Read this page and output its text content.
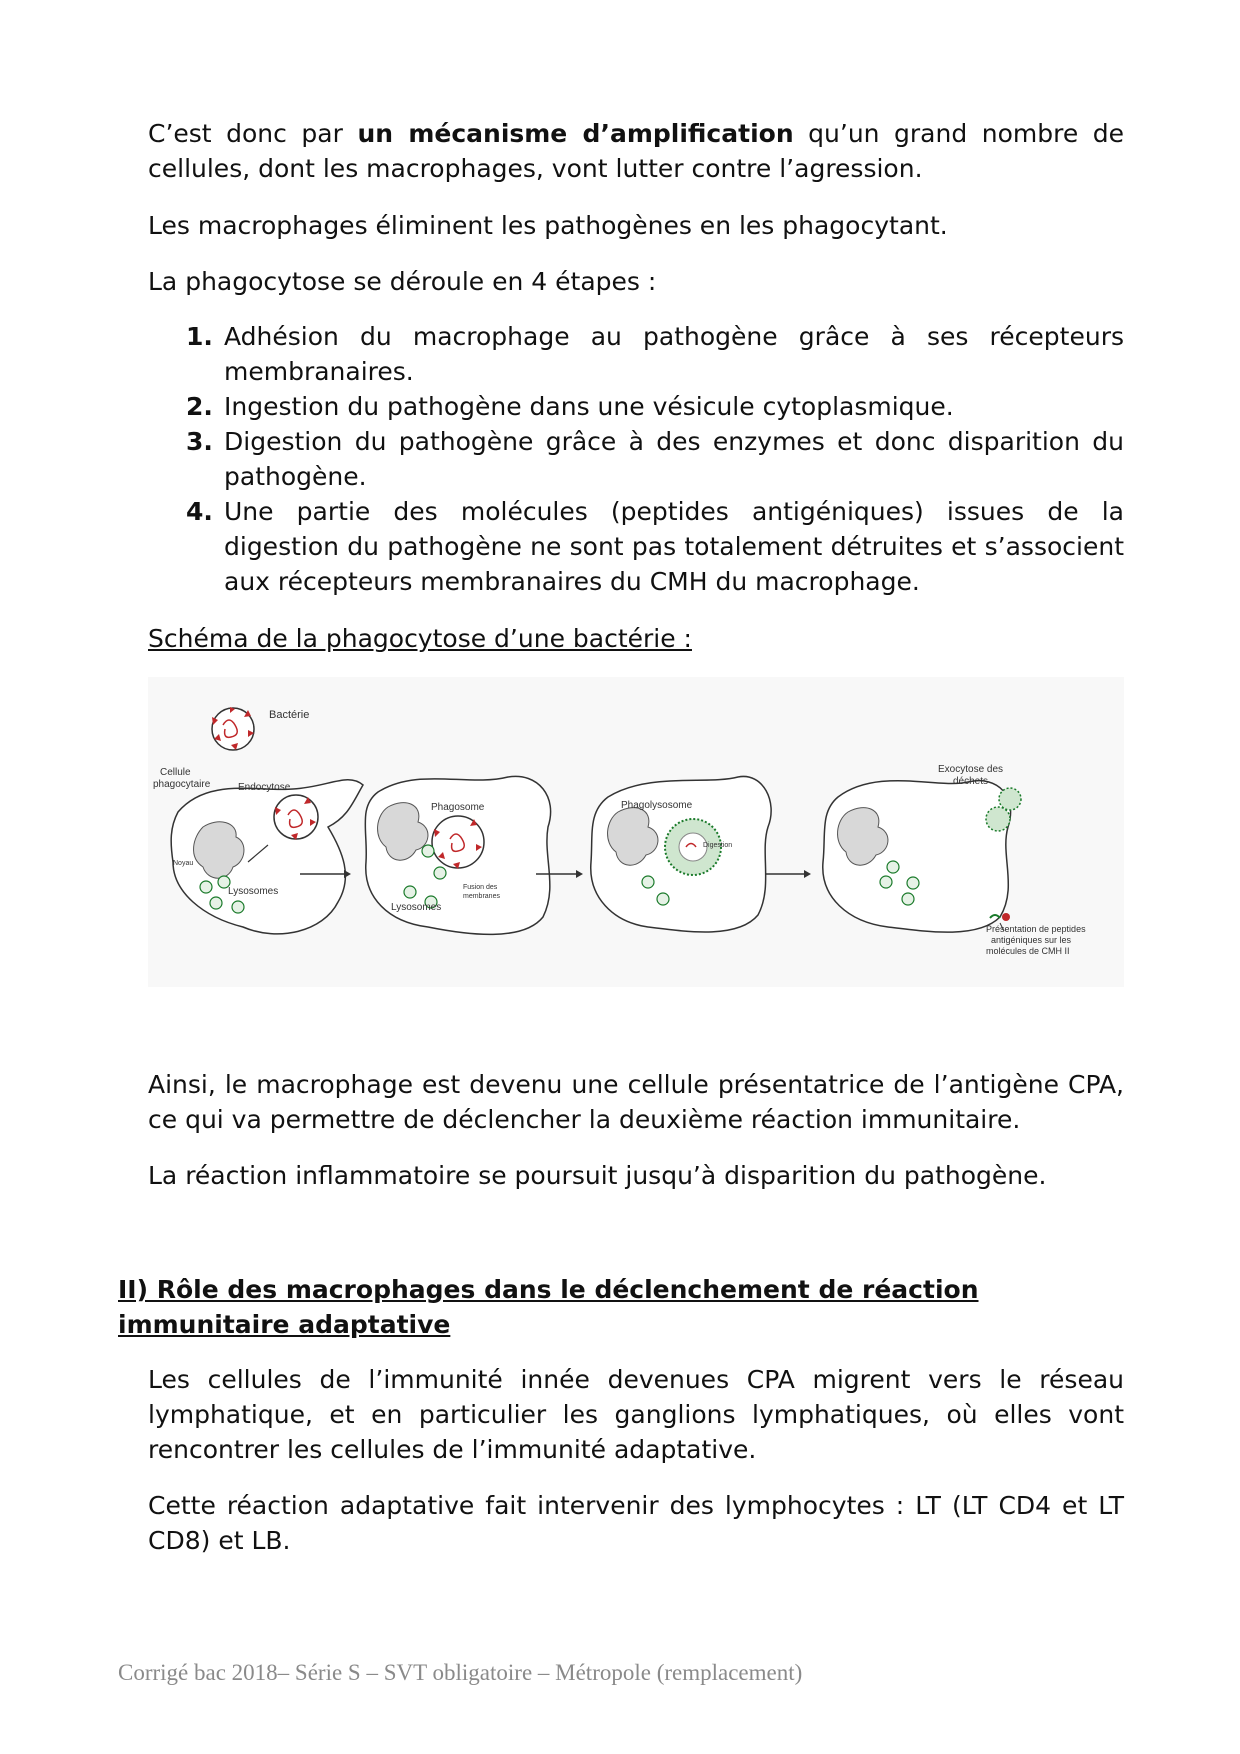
C’est donc par un mécanisme d’amplification qu’un grand nombre de cellules, dont les macrophages, vont lutter contre l’agression.

Les macrophages éliminent les pathogènes en les phagocytant.

La phagocytose se déroule en 4 étapes :

1. Adhésion du macrophage au pathogène grâce à ses récepteurs membranaires.
2. Ingestion du pathogène dans une vésicule cytoplasmique.
3. Digestion du pathogène grâce à des enzymes et donc disparition du pathogène.
4. Une partie des molécules (peptides antigéniques) issues de la digestion du pathogène ne sont pas totalement détruites et s’associent aux récepteurs membranaires du CMH du macrophage.

Schéma de la phagocytose d’une bactérie :

Bactérie
Cellule phagocytaire	Endocytose
Noyau
Lysosomes
Phagosome
Fusion des membranes
Lysosomes
Phagolysosome
Digestion
Exocytose des déchets
Présentation de peptides antigéniques sur les molécules de CMH II

Ainsi, le macrophage est devenu une cellule présentatrice de l’antigène CPA, ce qui va permettre de déclencher la deuxième réaction immunitaire.

La réaction inflammatoire se poursuit jusqu’à disparition du pathogène.

II) Rôle des macrophages dans le déclenchement de réaction immunitaire adaptative

Les cellules de l’immunité innée devenues CPA migrent vers le réseau lymphatique, et en particulier les ganglions lymphatiques, où elles vont rencontrer les cellules de l’immunité adaptative.

Cette réaction adaptative fait intervenir des lymphocytes : LT (LT CD4 et LT CD8) et LB.

Corrigé bac 2018– Série S – SVT obligatoire – Métropole (remplacement)
